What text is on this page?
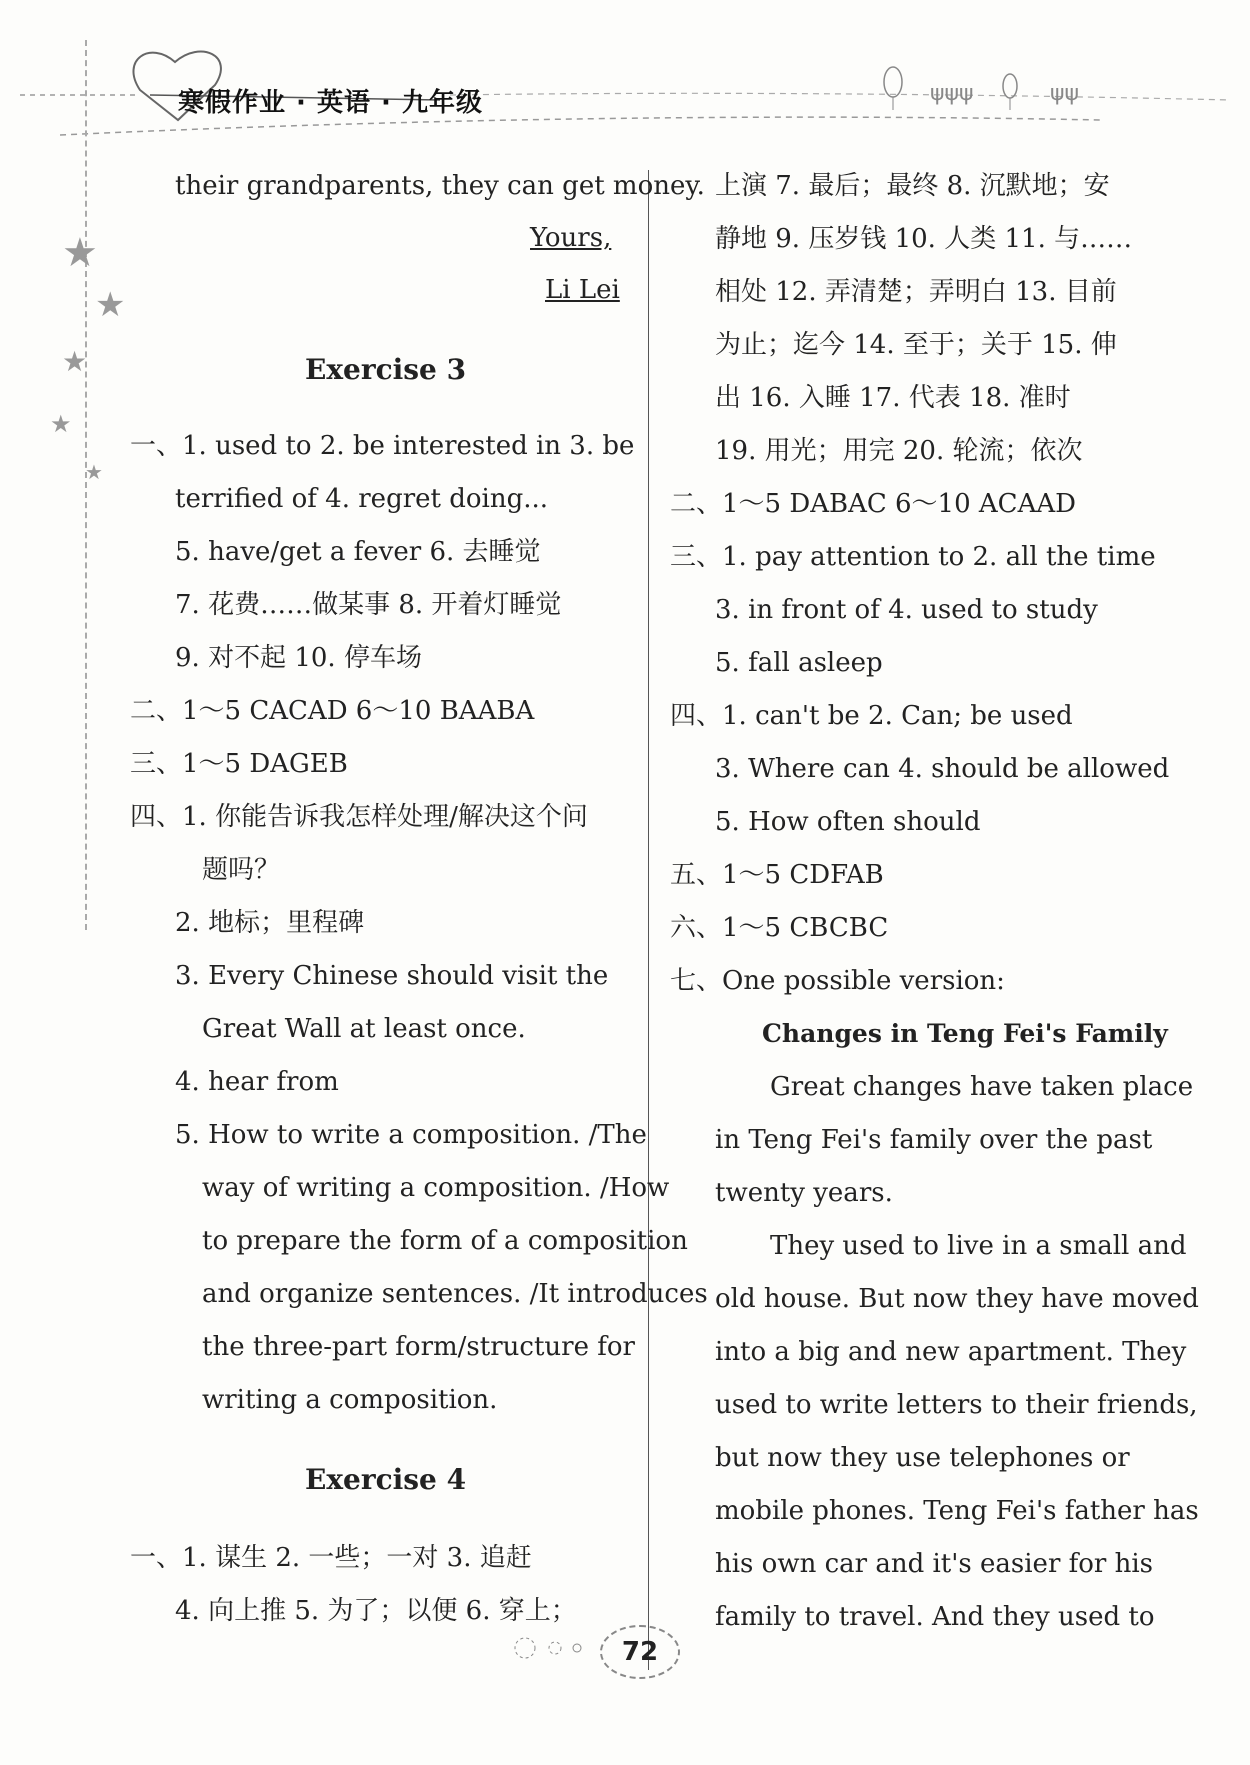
ψψψ	ψψ
寒假作业 · 英语 · 九年级
★
★
★
★
★
their grandparents, they can get money.
Yours,
Li Lei
Exercise 3
一、1. used to 2. be interested in 3. be
terrified of 4. regret doing...
5. have/get a fever 6. 去睡觉
7. 花费……做某事 8. 开着灯睡觉
9. 对不起 10. 停车场
二、1～5 CACAD 6～10 BAABA
三、1～5 DAGEB
四、1. 你能告诉我怎样处理/解决这个问
题吗？
2. 地标；里程碑
3. Every Chinese should visit the
Great Wall at least once.
4. hear from
5. How to write a composition. /The
way of writing a composition. /How
to prepare the form of a composition
and organize sentences. /It introduces
the three-part form/structure for
writing a composition.
Exercise 4
一、1. 谋生 2. 一些；一对 3. 追赶
4. 向上推 5. 为了；以便 6. 穿上；
上演 7. 最后；最终 8. 沉默地；安
静地 9. 压岁钱 10. 人类 11. 与……
相处 12. 弄清楚；弄明白 13. 目前
为止；迄今 14. 至于；关于 15. 伸
出 16. 入睡 17. 代表 18. 准时
19. 用光；用完 20. 轮流；依次
二、1～5 DABAC 6～10 ACAAD
三、1. pay attention to 2. all the time
3. in front of 4. used to study
5. fall asleep
四、1. can't be 2. Can; be used
3. Where can 4. should be allowed
5. How often should
五、1～5 CDFAB
六、1～5 CBCBC
七、One possible version:
Changes in Teng Fei's Family
Great changes have taken place
in Teng Fei's family over the past
twenty years.
They used to live in a small and
old house. But now they have moved
into a big and new apartment. They
used to write letters to their friends,
but now they use telephones or
mobile phones. Teng Fei's father has
his own car and it's easier for his
family to travel. And they used to
72
